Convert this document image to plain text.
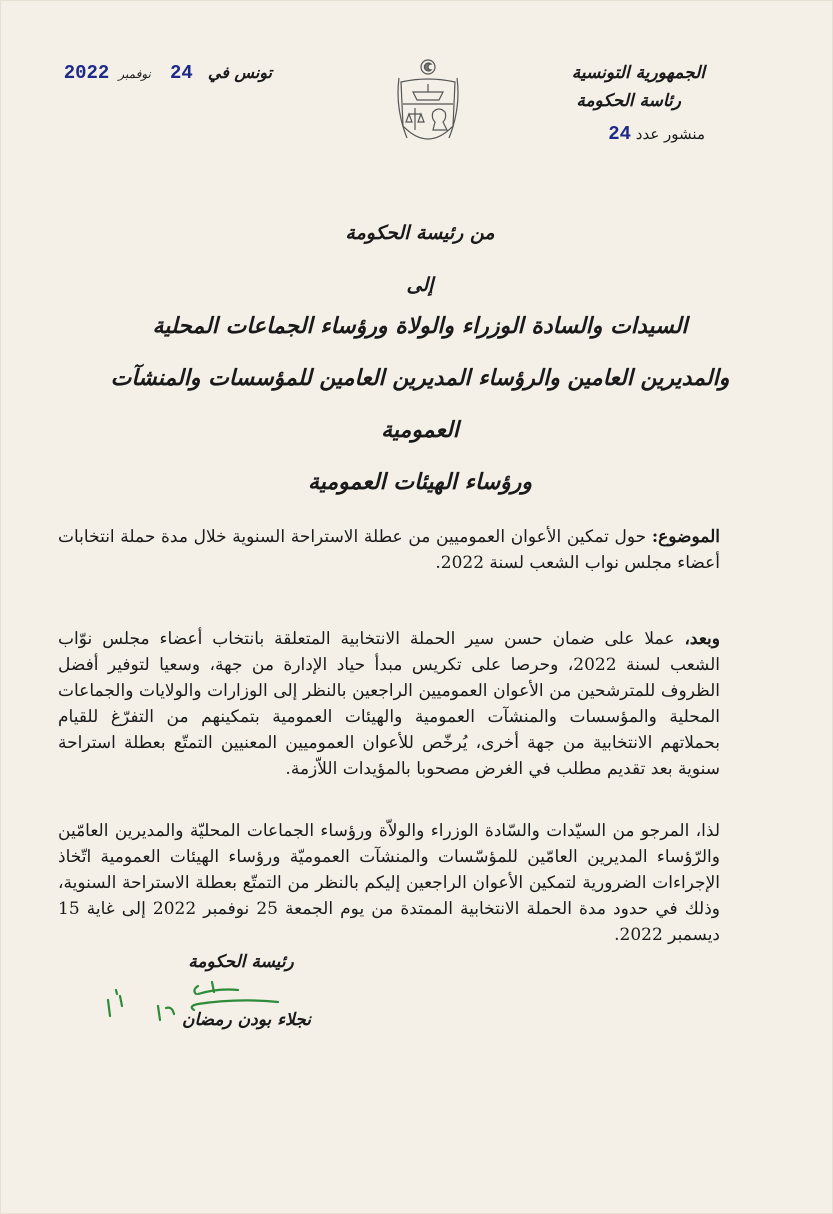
الجمهورية التونسية
رئاسة الحكومة
منشور عدد 24
تونس في 24 نوفمبر 2022
من رئيسة الحكومة
إلى
السيدات والسادة الوزراء والولاة ورؤساء الجماعات المحلية
والمديرين العامين والرؤساء المديرين العامين للمؤسسات والمنشآت العمومية
ورؤساء الهيئات العمومية
الموضوع: حول تمكين الأعوان العموميين من عطلة الاستراحة السنوية خلال مدة حملة انتخابات أعضاء مجلس نواب الشعب لسنة 2022.
وبعد، عملا على ضمان حسن سير الحملة الانتخابية المتعلقة بانتخاب أعضاء مجلس نوّاب الشعب لسنة 2022، وحرصا على تكريس مبدأ حياد الإدارة من جهة، وسعيا لتوفير أفضل الظروف للمترشحين من الأعوان العموميين الراجعين بالنظر إلى الوزارات والولايات والجماعات المحلية والمؤسسات والمنشآت العمومية والهيئات العمومية بتمكينهم من التفرّغ للقيام بحملاتهم الانتخابية من جهة أخرى، يُرخّص للأعوان العموميين المعنيين التمتّع بعطلة استراحة سنوية بعد تقديم مطلب في الغرض مصحوبا بالمؤيدات اللاّزمة.
لذا، المرجو من السيّدات والسّادة الوزراء والولاّة ورؤساء الجماعات المحليّة والمديرين العامّين والرّؤساء المديرين العامّين للمؤسّسات والمنشآت العموميّة ورؤساء الهيئات العمومية اتّخاذ الإجراءات الضرورية لتمكين الأعوان الراجعين إليكم بالنظر من التمتّع بعطلة الاستراحة السنوية، وذلك في حدود مدة الحملة الانتخابية الممتدة من يوم الجمعة 25 نوفمبر 2022 إلى غاية 15 ديسمبر 2022.
رئيسة الحكومة
نجلاء بودن رمضان
